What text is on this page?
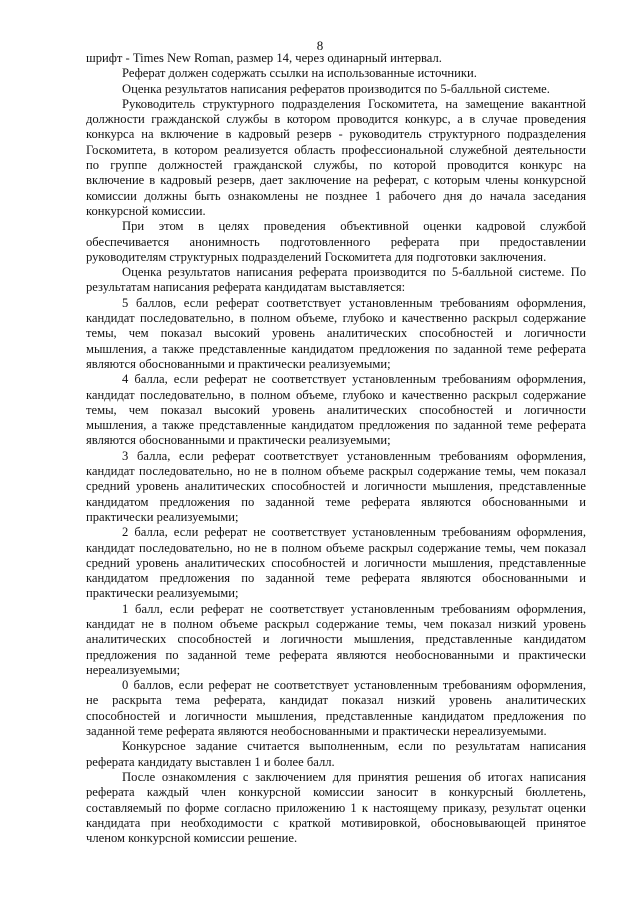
8
шрифт - Times New Roman, размер 14, через одинарный интервал.
Реферат должен содержать ссылки на использованные источники.
Оценка результатов написания рефератов производится по 5-балльной системе.
Руководитель структурного подразделения Госкомитета, на замещение вакантной
должности гражданской службы в котором проводится конкурс, а в случае проведения
конкурса на включение в кадровый резерв - руководитель структурного подразделения
Госкомитета, в котором реализуется область профессиональной служебной деятельности
по группе должностей гражданской службы, по которой проводится конкурс на
включение в кадровый резерв, дает заключение на реферат, с которым члены конкурсной
комиссии должны быть ознакомлены не позднее 1 рабочего дня до начала заседания
конкурсной комиссии.
При этом в целях проведения объективной оценки кадровой службой
обеспечивается анонимность подготовленного реферата при предоставлении
руководителям структурных подразделений Госкомитета для подготовки заключения.
Оценка результатов написания реферата производится по 5-балльной системе. По
результатам написания реферата кандидатам выставляется:
5 баллов, если реферат соответствует установленным требованиям оформления,
кандидат последовательно, в полном объеме, глубоко и качественно раскрыл содержание
темы, чем показал высокий уровень аналитических способностей и логичности
мышления, а также представленные кандидатом предложения по заданной теме реферата
являются обоснованными и практически реализуемыми;
4 балла, если реферат не соответствует установленным требованиям оформления,
кандидат последовательно, в полном объеме, глубоко и качественно раскрыл содержание
темы, чем показал высокий уровень аналитических способностей и логичности
мышления, а также представленные кандидатом предложения по заданной теме реферата
являются обоснованными и практически реализуемыми;
3 балла, если реферат соответствует установленным требованиям оформления,
кандидат последовательно, но не в полном объеме раскрыл содержание темы, чем показал
средний уровень аналитических способностей и логичности мышления, представленные
кандидатом предложения по заданной теме реферата являются обоснованными и
практически реализуемыми;
2 балла, если реферат не соответствует установленным требованиям оформления,
кандидат последовательно, но не в полном объеме раскрыл содержание темы, чем показал
средний уровень аналитических способностей и логичности мышления, представленные
кандидатом предложения по заданной теме реферата являются обоснованными и
практически реализуемыми;
1 балл, если реферат не соответствует установленным требованиям оформления,
кандидат не в полном объеме раскрыл содержание темы, чем показал низкий уровень
аналитических способностей и логичности мышления, представленные кандидатом
предложения по заданной теме реферата являются необоснованными и практически
нереализуемыми;
0 баллов, если реферат не соответствует установленным требованиям оформления,
не раскрыта тема реферата, кандидат показал низкий уровень аналитических
способностей и логичности мышления, представленные кандидатом предложения по
заданной теме реферата являются необоснованными и практически нереализуемыми.
Конкурсное задание считается выполненным, если по результатам написания
реферата кандидату выставлен 1 и более балл.
После ознакомления с заключением для принятия решения об итогах написания
реферата каждый член конкурсной комиссии заносит в конкурсный бюллетень,
составляемый по форме согласно приложению 1 к настоящему приказу, результат оценки
кандидата при необходимости с краткой мотивировкой, обосновывающей принятое
членом конкурсной комиссии решение.
